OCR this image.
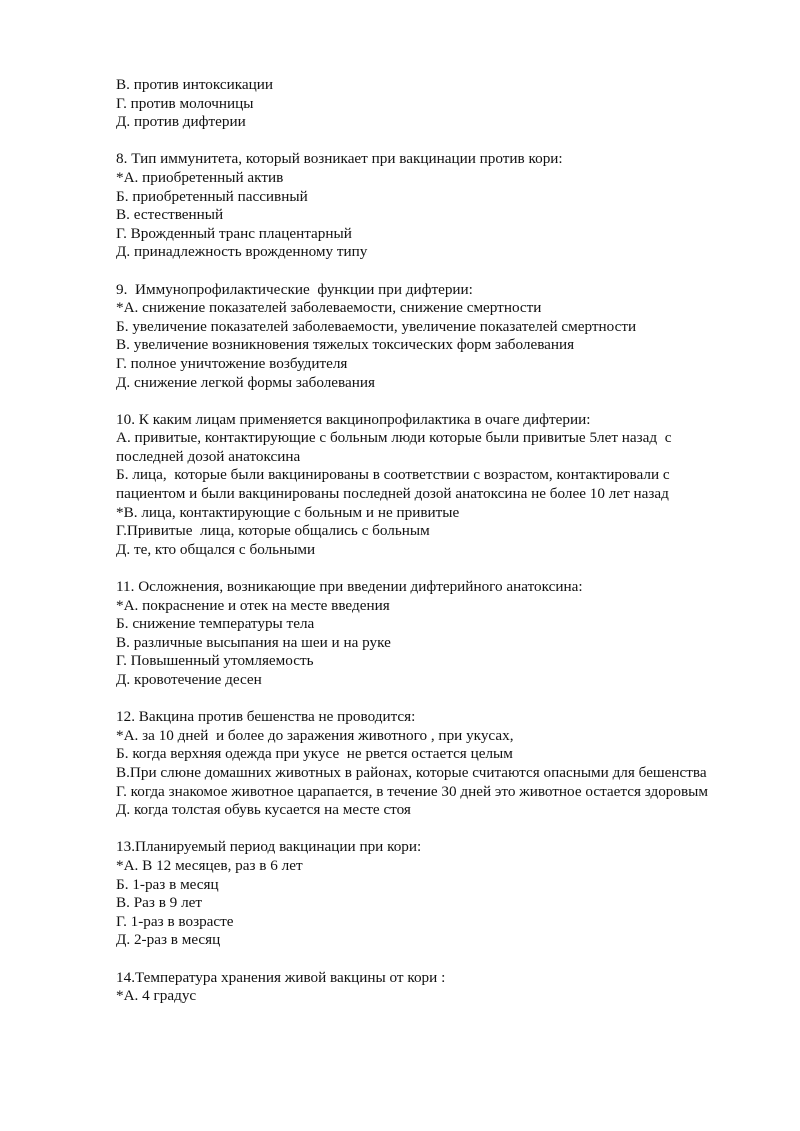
В. против интоксикации

Г. против молочницы

Д. против дифтерии

8. Тип иммунитета, который возникает при вакцинации против кори:

*А. приобретенный актив

Б. приобретенный пассивный

В. естественный

Г. Врожденный транс плацентарный

Д. принадлежность врожденному типу

9.  Иммунопрофилактические  функции при дифтерии:

*А. снижение показателей заболеваемости, снижение смертности

Б. увеличение показателей заболеваемости, увеличение показателей смертности

В. увеличение возникновения тяжелых токсических форм заболевания

Г. полное уничтожение возбудителя

Д. снижение легкой формы заболевания

10. К каким лицам применяется вакцинопрофилактика в очаге дифтерии:

А. привитые, контактирующие с больным люди которые были привитые 5лет назад  с последней дозой анатоксина

Б. лица,  которые были вакцинированы в соответствии с возрастом, контактировали с пациентом и были вакцинированы последней дозой анатоксина не более 10 лет назад

*В. лица, контактирующие с больным и не привитые

Г.Привитые  лица, которые общались с больным

Д. те, кто общался с больными

11. Осложнения, возникающие при введении дифтерийного анатоксина:

*А. покраснение и отек на месте введения

Б. снижение температуры тела

В. различные высыпания на шеи и на руке

Г. Повышенный утомляемость

Д. кровотечение десен

12. Вакцина против бешенства не проводится:

*А. за 10 дней  и более до заражения животного , при укусах,

Б. когда верхняя одежда при укусе  не рвется остается целым

В.При слюне домашних животных в районах, которые считаются опасными для бешенства

Г. когда знакомое животное царапается, в течение 30 дней это животное остается здоровым

Д. когда толстая обувь кусается на месте стоя

13.Планируемый период вакцинации при кори:

*А. В 12 месяцев, раз в 6 лет

Б. 1-раз в месяц

В. Раз в 9 лет

Г. 1-раз в возрасте

Д. 2-раз в месяц

14.Температура хранения живой вакцины от кори :

*А. 4 градус
